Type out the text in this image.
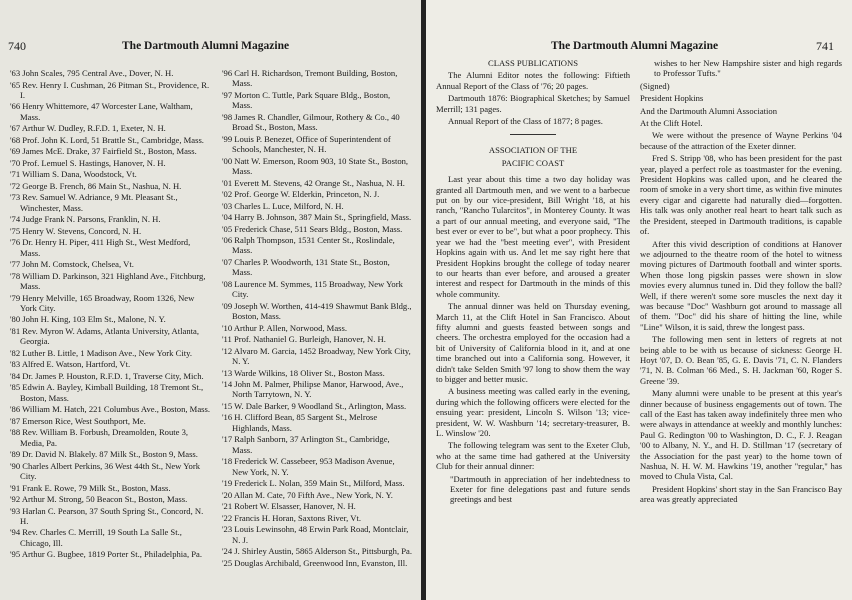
740	The Dartmouth Alumni Magazine
'63 John Scales, 795 Central Ave., Dover, N. H.
'65 Rev. Henry I. Cushman, 26 Pitman St., Providence, R. I.
'66 Henry Whittemore, 47 Worcester Lane, Waltham, Mass.
'67 Arthur W. Dudley, R.F.D. 1, Exeter, N. H.
'68 Prof. John K. Lord, 51 Brattle St., Cambridge, Mass.
'69 James McE. Drake, 37 Fairfield St., Boston, Mass.
'70 Prof. Lemuel S. Hastings, Hanover, N. H.
'71 William S. Dana, Woodstock, Vt.
'72 George B. French, 86 Main St., Nashua, N. H.
'73 Rev. Samuel W. Adriance, 9 Mt. Pleasant St., Winchester, Mass.
'74 Judge Frank N. Parsons, Franklin, N. H.
'75 Henry W. Stevens, Concord, N. H.
'76 Dr. Henry H. Piper, 411 High St., West Medford, Mass.
'77 John M. Comstock, Chelsea, Vt.
'78 William D. Parkinson, 321 Highland Ave., Fitchburg, Mass.
'79 Henry Melville, 165 Broadway, Room 1326, New York City.
'80 John H. King, 103 Elm St., Malone, N. Y.
'81 Rev. Myron W. Adams, Atlanta University, Atlanta, Georgia.
'82 Luther B. Little, 1 Madison Ave., New York City.
'83 Alfred E. Watson, Hartford, Vt.
'84 Dr. James P. Houston, R.F.D. 1, Traverse City, Mich.
'85 Edwin A. Bayley, Kimball Building, 18 Tremont St., Boston, Mass.
'86 William M. Hatch, 221 Columbus Ave., Boston, Mass.
'87 Emerson Rice, West Southport, Me.
'88 Rev. William B. Forbush, Dreamolden, Route 3, Media, Pa.
'89 Dr. David N. Blakely. 87 Milk St., Boston 9, Mass.
'90 Charles Albert Perkins, 36 West 44th St., New York City.
'91 Frank E. Rowe, 79 Milk St., Boston, Mass.
'92 Arthur M. Strong, 50 Beacon St., Boston, Mass.
'93 Harlan C. Pearson, 37 South Spring St., Concord, N. H.
'94 Rev. Charles C. Merrill, 19 South La Salle St., Chicago, Ill.
'95 Arthur G. Bugbee, 1819 Porter St., Philadelphia, Pa.
'96 Carl H. Richardson, Tremont Building, Boston, Mass.
'97 Morton C. Tuttle, Park Square Bldg., Boston, Mass.
'98 James R. Chandler, Gilmour, Rothery & Co., 40 Broad St., Boston, Mass.
'99 Louis P. Benezet, Office of Superintendent of Schools, Manchester, N. H.
'00 Natt W. Emerson, Room 903, 10 State St., Boston, Mass.
'01 Everett M. Stevens, 42 Orange St., Nashua, N. H.
'02 Prof. George W. Elderkin, Princeton, N. J.
'03 Charles L. Luce, Milford, N. H.
'04 Harry B. Johnson, 387 Main St., Springfield, Mass.
'05 Frederick Chase, 511 Sears Bldg., Boston, Mass.
'06 Ralph Thompson, 1531 Center St., Roslindale, Mass.
'07 Charles P. Woodworth, 131 State St., Boston, Mass.
'08 Laurence M. Symmes, 115 Broadway, New York City.
'09 Joseph W. Worthen, 414-419 Shawmut Bank Bldg., Boston, Mass.
'10 Arthur P. Allen, Norwood, Mass.
'11 Prof. Nathaniel G. Burleigh, Hanover, N. H.
'12 Alvaro M. Garcia, 1452 Broadway, New York City, N. Y.
'13 Warde Wilkins, 18 Oliver St., Boston Mass.
'14 John M. Palmer, Philipse Manor, Harwood, Ave., North Tarrytown, N. Y.
'15 W. Dale Barker, 9 Woodland St., Arlington, Mass.
'16 H. Clifford Bean, 85 Sargent St., Melrose Highlands, Mass.
'17 Ralph Sanborn, 37 Arlington St., Cambridge, Mass.
'18 Frederick W. Cassebeer, 953 Madison Avenue, New York, N. Y.
'19 Frederick L. Nolan, 359 Main St., Milford, Mass.
'20 Allan M. Cate, 70 Fifth Ave., New York, N. Y.
'21 Robert W. Elsasser, Hanover, N. H.
'22 Francis H. Horan, Saxtons River, Vt.
'23 Louis Lewinsohn, 48 Erwin Park Road, Montclair, N. J.
'24 J. Shirley Austin, 5865 Alderson St., Pittsburgh, Pa.
'25 Douglas Archibald, Greenwood Inn, Evanston, Ill.
The Dartmouth Alumni Magazine	741
CLASS PUBLICATIONS

The Alumni Editor notes the following: Fiftieth Annual Report of the Class of '76; 20 pages.

Dartmouth 1876: Biographical Sketches; by Samuel Merrill; 131 pages.

Annual Report of the Class of 1877; 8 pages.

ASSOCIATION OF THE
PACIFIC COAST

Last year about this time a two day holiday was granted all Dartmouth men, and we went to a barbecue put on by our vice-president, Bill Wright '18, at his ranch, "Rancho Tularcitos", in Monterey County. It was a part of our annual meeting, and everyone said, "The best ever or ever to be", but what a poor prophecy. This year we had the "best meeting ever", with President Hopkins again with us. And let me say right here that President Hopkins brought the college of today nearer to our hearts than ever before, and aroused a greater interest and respect for Dartmouth in the minds of this whole community.

The annual dinner was held on Thursday evening, March 11, at the Clift Hotel in San Francisco. About fifty alumni and guests feasted between songs and cheers. The orchestra employed for the occasion had a bit of University of California blood in it, and at one time branched out into a California song. However, it didn't take Selden Smith '97 long to show them the way to bigger and better music.

A business meeting was called early in the evening, during which the following officers were elected for the ensuing year: president, Lincoln S. Wilson '13; vice-president, W. W. Washburn '14; secretary-treasurer, B. L. Winslow '20.

The following telegram was sent to the Exeter Club, who at the same time had gathered at the University Club for their annual dinner:

"Dartmouth in appreciation of her indebtedness to Exeter for fine delegations past and future sends greetings and best

wishes to her New Hampshire sister and high regards to Professor Tufts."

(Signed)

President Hopkins

And the Dartmouth Alumni Association

At the Clift Hotel.

We were without the presence of Wayne Perkins '04 because of the attraction of the Exeter dinner.

Fred S. Stripp '08, who has been president for the past year, played a perfect role as toastmaster for the evening. President Hopkins was called upon, and he cleared the room of smoke in a very short time, as within five minutes every cigar and cigarette had naturally died—forgotten. His talk was only another real heart to heart talk such as the President, steeped in Dartmouth traditions, is capable of.

After this vivid description of conditions at Hanover we adjourned to the theatre room of the hotel to witness moving pictures of Dartmouth football and winter sports. When those long pigskin passes were shown in slow movies every alumnus tuned in. Did they follow the ball? Well, if there weren't some sore muscles the next day it was because "Doc" Washburn got around to massage all of them. "Doc" did his share of hitting the line, while "Line" Wilson, it is said, threw the longest pass.

The following men sent in letters of regrets at not being able to be with us because of sickness: George H. Hoyt '07, D. O. Bean '85, G. E. Davis '71, C. N. Flanders '71, N. B. Colman '66 Med., S. H. Jackman '60, Roger S. Greene '39.

Many alumni were unable to be present at this year's dinner because of business engagements out of town. The call of the East has taken away indefinitely three men who were always in attendance at weekly and monthly lunches: Paul G. Redington '00 to Washington, D. C., F. J. Reagan '00 to Albany, N. Y., and H. D. Stillman '17 (secretary of the Association for the past year) to the home town of Nashua, N. H. W. M. Hawkins '19, another "regular," has moved to Chula Vista, Cal.

President Hopkins' short stay in the San Francisco Bay area was greatly appreciated
